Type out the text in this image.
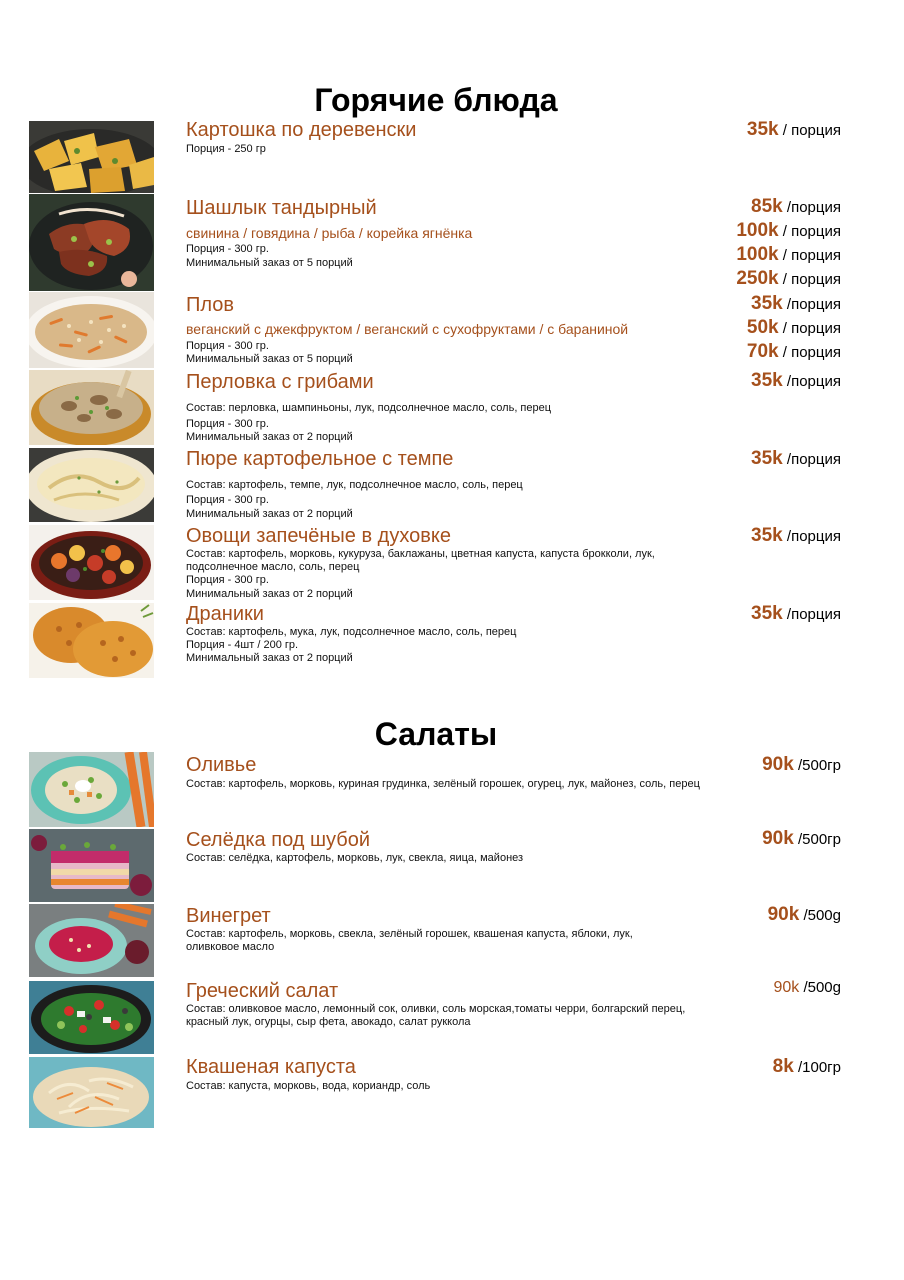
Горячие блюда
Картошка по деревенски
Порция - 250 гр
35k / порция
Шашлык тандырный
свинина / говядина / рыба / корейка ягнёнка
Порция - 300 гр.
Минимальный заказ от 5 порций
85k /порция
100k / порция
100k / порция
250k / порция
Плов
веганский с джекфруктом / веганский с сухофруктами / с бараниной
Порция - 300 гр.
Минимальный заказ от 5 порций
35k /порция
50k / порция
70k / порция
Перловка с грибами
Состав: перловка, шампиньоны, лук, подсолнечное масло, соль, перец
Порция - 300 гр.
Минимальный заказ от 2 порций
35k /порция
Пюре картофельное с темпе
Состав: картофель, темпе, лук, подсолнечное масло, соль, перец
Порция - 300 гр.
Минимальный заказ от 2 порций
35k /порция
Овощи запечёные в духовке
Состав: картофель, морковь, кукуруза, баклажаны, цветная капуста, капуста брокколи, лук, подсолнечное масло, соль, перец
Порция - 300 гр.
Минимальный заказ от 2 порций
35k /порция
Драники
Состав: картофель, мука, лук, подсолнечное масло, соль, перец
Порция - 4шт / 200 гр.
Минимальный заказ от 2 порций
35k /порция
Салаты
Оливье
Состав: картофель, морковь, куриная грудинка, зелёный горошек, огурец, лук, майонез, соль, перец
90k /500гр
Селёдка под шубой
Состав: селёдка, картофель, морковь, лук, свекла, яица, майонез
90k /500гр
Винегрет
Состав: картофель, морковь, свекла, зелёный горошек, квашеная капуста, яблоки, лук, оливковое масло
90k /500g
Греческий салат
Состав: оливковое масло, лемонный сок, оливки, соль морская,томаты черри, болгарский перец, красный лук, огурцы, сыр фета, авокадо, салат руккола
90k /500g
Квашеная капуста
Состав: капуста, морковь, вода, кориандр, соль
8k /100гр
